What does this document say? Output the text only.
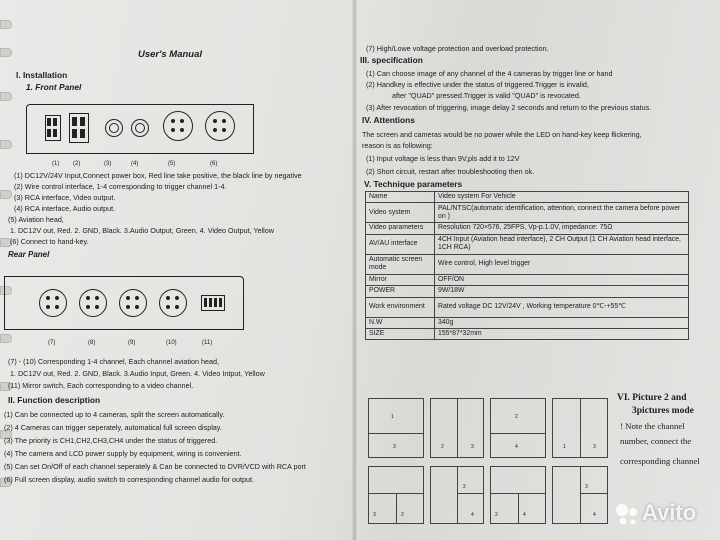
User's Manual
I. Installation
1. Front Panel
(1) (2)	(3)	(4)	(5)	(6)
(1) DC12V/24V Input,Connect power box, Red line take positive, the black line by negative
(2) Wire control interface, 1-4 corresponding to trigger channel 1-4.
(3) RCA interface, Video output.
(4) RCA interface, Audio output.
(5) Aviation head,
1. DC12V out, Red. 2. GND, Black. 3.Audio Output, Green. 4. Video Output, Yellow
(6) Connect to hand-key.
Rear Panel
(7)	(8)	(9)	(10)	(11)
(7) - (10) Corresponding 1-4 channel, Each channel aviation head,
1. DC12V out, Red. 2. GND, Black. 3.Audio Input, Green. 4. Video Intput, Yellow
(11) Mirror switch, Each corresponding to a video channel.
II. Function description
(1) Can be connected up to 4 cameras, split the screen automatically.
(2) 4 Cameras can trigger seperately, automatical full screen display.
(3) The priority is CH1,CH2,CH3,CH4 under the status of triggered.
(4) The camera and LCD power supply by equipment, wiring is convenient.
(5) Can set On/Off of each channel seperately & Can be connected to DVR/VCD with RCA port
(6) Full screen display, audio switch to corresponding channel audio for output.
(7) High/Lowe voltage protection and overload protection.
III. specification
(1) Can choose image of any channel of the 4 cameras by trigger line or hand
(2) Handkey is effective under the status of triggered.Trigger is invalid,
after "QUAD" pressed.Trigger is valid "QUAD" is revocated.
(3) After revocation of triggering, image delay 2 seconds and return to the previous status.
IV. Attentions
The screen and cameras would be no power while the LED on hand-key keep flickering,
reason is as following:
(1) Input voltage is less than 9V,pls add it to 12V
(2) Short circuit, restart after troubleshooting then ok.
V. Technique parameters
Name	Video system For Vehicle
Video system	PAL/NTSC(automatic identification, attention, connect the camera before power on )
Video parameters	Resolution 720×576, 25FPS, Vp-p.1.0V, impedance: 75Ω
AV/AU interface	4CH Input (Aviation head interface), 2 CH Output (1 CH Aviation head interface, 1CH RCA)
Automatic screen mode	Wire control, High level trigger
Mirror	OFF/ON
POWER	9W/18W
Work environment	Rated voltage DC 12V/24V , Working temperature 0℃-+55℃
N.W	340g
SIZE	155*87*32mm
1
3	2	3
2
4	1	3
3	2
2
4	2	4
3
4
VI. Picture 2 and
3pictures mode
! Note the channel
number, connect the
corresponding channel
Avito
